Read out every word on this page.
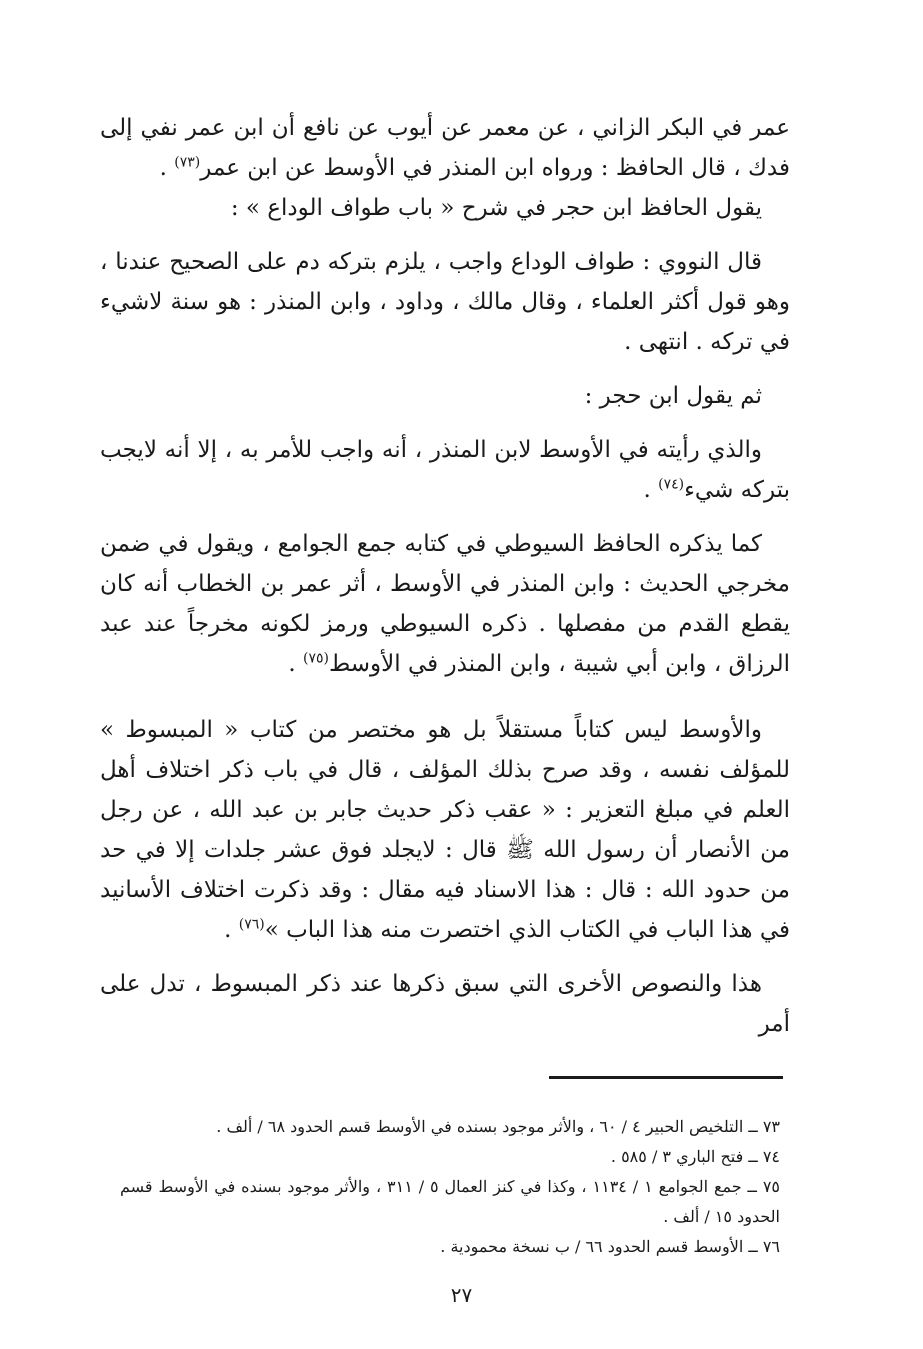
عمر في البكر الزاني ، عن معمر عن أيوب عن نافع أن ابن عمر نفي إلى فدك ، قال الحافظ : ورواه ابن المنذر في الأوسط عن ابن عمر$^{(٧٣)}$ .

يقول الحافظ ابن حجر في شرح « باب طواف الوداع » :

قال النووي : طواف الوداع واجب ، يلزم بتركه دم على الصحيح عندنا ، وهو قول أكثر العلماء ، وقال مالك ، وداود ، وابن المنذر : هو سنة لاشيء في تركه . انتهى .

ثم يقول ابن حجر :

والذي رأيته في الأوسط لابن المنذر ، أنه واجب للأمر به ، إلا أنه لايجب بتركه شيء$^{(٧٤)}$ .

كما يذكره الحافظ السيوطي في كتابه جمع الجوامع ، ويقول في ضمن مخرجي الحديث : وابن المنذر في الأوسط ، أثر عمر بن الخطاب أنه كان يقطع القدم من مفصلها . ذكره السيوطي ورمز لكونه مخرجاً عند عبد الرزاق ، وابن أبي شيبة ، وابن المنذر في الأوسط$^{(٧٥)}$ .

والأوسط ليس كتاباً مستقلاً بل هو مختصر من كتاب « المبسوط » للمؤلف نفسه ، وقد صرح بذلك المؤلف ، قال في باب ذكر اختلاف أهل العلم في مبلغ التعزير : « عقب ذكر حديث جابر بن عبد الله ، عن رجل من الأنصار أن رسول الله ﷺ قال : لايجلد فوق عشر جلدات إلا في حد من حدود الله : قال : هذا الاسناد فيه مقال : وقد ذكرت اختلاف الأسانيد في هذا الباب في الكتاب الذي اختصرت منه هذا الباب »$^{(٧٦)}$ .

هذا والنصوص الأخرى التي سبق ذكرها عند ذكر المبسوط ، تدل على أمر

٧٣ ــ التلخيص الحبير ٤ / ٦٠ ، والأثر موجود بسنده في الأوسط قسم الحدود ٦٨ / ألف .

٧٤ ــ فتح الباري ٣ / ٥٨٥ .

٧٥ ــ جمع الجوامع ١ / ١١٣٤ ، وكذا في كنز العمال ٥ / ٣١١ ، والأثر موجود بسنده في الأوسط قسم الحدود ١٥ / ألف .

٧٦ ــ الأوسط قسم الحدود ٦٦ / ب نسخة محمودية .

٢٧
